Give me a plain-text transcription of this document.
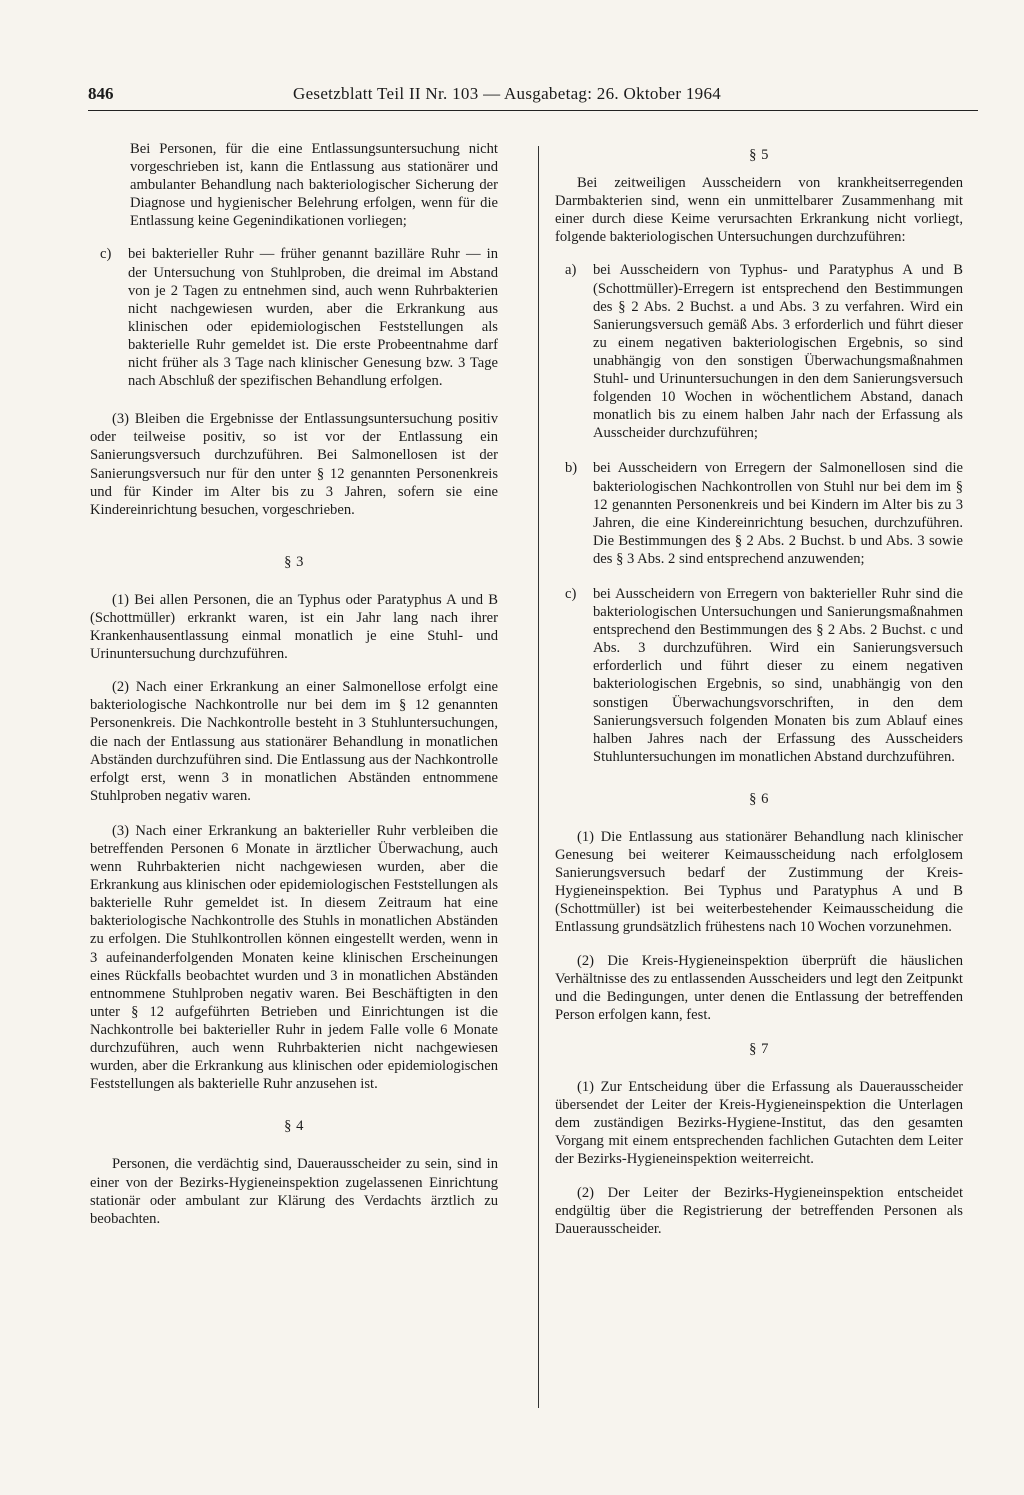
846	Gesetzblatt Teil II Nr. 103 — Ausgabetag: 26. Oktober 1964

Bei Personen, für die eine Entlassungsuntersuchung nicht vorgeschrieben ist, kann die Entlassung aus stationärer und ambulanter Behandlung nach bakteriologischer Sicherung der Diagnose und hygienischer Belehrung erfolgen, wenn für die Entlassung keine Gegenindikationen vorliegen;

c)	bei bakterieller Ruhr — früher genannt bazilläre Ruhr — in der Untersuchung von Stuhlproben, die dreimal im Abstand von je 2 Tagen zu entnehmen sind, auch wenn Ruhrbakterien nicht nachgewiesen wurden, aber die Erkrankung aus klinischen oder epidemiologischen Feststellungen als bakterielle Ruhr gemeldet ist. Die erste Probeentnahme darf nicht früher als 3 Tage nach klinischer Genesung bzw. 3 Tage nach Abschluß der spezifischen Behandlung erfolgen.

(3) Bleiben die Ergebnisse der Entlassungsuntersuchung positiv oder teilweise positiv, so ist vor der Entlassung ein Sanierungsversuch durchzuführen. Bei Salmonellosen ist der Sanierungsversuch nur für den unter § 12 genannten Personenkreis und für Kinder im Alter bis zu 3 Jahren, sofern sie eine Kindereinrichtung besuchen, vorgeschrieben.

§ 3

(1) Bei allen Personen, die an Typhus oder Paratyphus A und B (Schottmüller) erkrankt waren, ist ein Jahr lang nach ihrer Krankenhausentlassung einmal monatlich je eine Stuhl- und Urinuntersuchung durchzuführen.

(2) Nach einer Erkrankung an einer Salmonellose erfolgt eine bakteriologische Nachkontrolle nur bei dem im § 12 genannten Personenkreis. Die Nachkontrolle besteht in 3 Stuhluntersuchungen, die nach der Entlassung aus stationärer Behandlung in monatlichen Abständen durchzuführen sind. Die Entlassung aus der Nachkontrolle erfolgt erst, wenn 3 in monatlichen Abständen entnommene Stuhlproben negativ waren.

(3) Nach einer Erkrankung an bakterieller Ruhr verbleiben die betreffenden Personen 6 Monate in ärztlicher Überwachung, auch wenn Ruhrbakterien nicht nachgewiesen wurden, aber die Erkrankung aus klinischen oder epidemiologischen Feststellungen als bakterielle Ruhr gemeldet ist. In diesem Zeitraum hat eine bakteriologische Nachkontrolle des Stuhls in monatlichen Abständen zu erfolgen. Die Stuhlkontrollen können eingestellt werden, wenn in 3 aufeinanderfolgenden Monaten keine klinischen Erscheinungen eines Rückfalls beobachtet wurden und 3 in monatlichen Abständen entnommene Stuhlproben negativ waren. Bei Beschäftigten in den unter § 12 aufgeführten Betrieben und Einrichtungen ist die Nachkontrolle bei bakterieller Ruhr in jedem Falle volle 6 Monate durchzuführen, auch wenn Ruhrbakterien nicht nachgewiesen wurden, aber die Erkrankung aus klinischen oder epidemiologischen Feststellungen als bakterielle Ruhr anzusehen ist.

§ 4

Personen, die verdächtig sind, Dauerausscheider zu sein, sind in einer von der Bezirks-Hygieneinspektion zugelassenen Einrichtung stationär oder ambulant zur Klärung des Verdachts ärztlich zu beobachten.

§ 5

Bei zeitweiligen Ausscheidern von krankheitserregenden Darmbakterien sind, wenn ein unmittelbarer Zusammenhang mit einer durch diese Keime verursachten Erkrankung nicht vorliegt, folgende bakteriologischen Untersuchungen durchzuführen:

a)	bei Ausscheidern von Typhus- und Paratyphus A und B (Schottmüller)-Erregern ist entsprechend den Bestimmungen des § 2 Abs. 2 Buchst. a und Abs. 3 zu verfahren. Wird ein Sanierungsversuch gemäß Abs. 3 erforderlich und führt dieser zu einem negativen bakteriologischen Ergebnis, so sind unabhängig von den sonstigen Überwachungsmaßnahmen Stuhl- und Urinuntersuchungen in den dem Sanierungsversuch folgenden 10 Wochen in wöchentlichem Abstand, danach monatlich bis zu einem halben Jahr nach der Erfassung als Ausscheider durchzuführen;
b)	bei Ausscheidern von Erregern der Salmonellosen sind die bakteriologischen Nachkontrollen von Stuhl nur bei dem im § 12 genannten Personenkreis und bei Kindern im Alter bis zu 3 Jahren, die eine Kindereinrichtung besuchen, durchzuführen. Die Bestimmungen des § 2 Abs. 2 Buchst. b und Abs. 3 sowie des § 3 Abs. 2 sind entsprechend anzuwenden;
c)	bei Ausscheidern von Erregern von bakterieller Ruhr sind die bakteriologischen Untersuchungen und Sanierungsmaßnahmen entsprechend den Bestimmungen des § 2 Abs. 2 Buchst. c und Abs. 3 durchzuführen. Wird ein Sanierungsversuch erforderlich und führt dieser zu einem negativen bakteriologischen Ergebnis, so sind, unabhängig von den sonstigen Überwachungsvorschriften, in den dem Sanierungsversuch folgenden Monaten bis zum Ablauf eines halben Jahres nach der Erfassung des Ausscheiders Stuhluntersuchungen im monatlichen Abstand durchzuführen.
§ 6

(1) Die Entlassung aus stationärer Behandlung nach klinischer Genesung bei weiterer Keimausscheidung nach erfolglosem Sanierungsversuch bedarf der Zustimmung der Kreis-Hygieneinspektion. Bei Typhus und Paratyphus A und B (Schottmüller) ist bei weiterbestehender Keimausscheidung die Entlassung grundsätzlich frühestens nach 10 Wochen vorzunehmen.

(2) Die Kreis-Hygieneinspektion überprüft die häuslichen Verhältnisse des zu entlassenden Ausscheiders und legt den Zeitpunkt und die Bedingungen, unter denen die Entlassung der betreffenden Person erfolgen kann, fest.

§ 7

(1) Zur Entscheidung über die Erfassung als Dauerausscheider übersendet der Leiter der Kreis-Hygieneinspektion die Unterlagen dem zuständigen Bezirks-Hygiene-Institut, das den gesamten Vorgang mit einem entsprechenden fachlichen Gutachten dem Leiter der Bezirks-Hygieneinspektion weiterreicht.

(2) Der Leiter der Bezirks-Hygieneinspektion entscheidet endgültig über die Registrierung der betreffenden Personen als Dauerausscheider.
